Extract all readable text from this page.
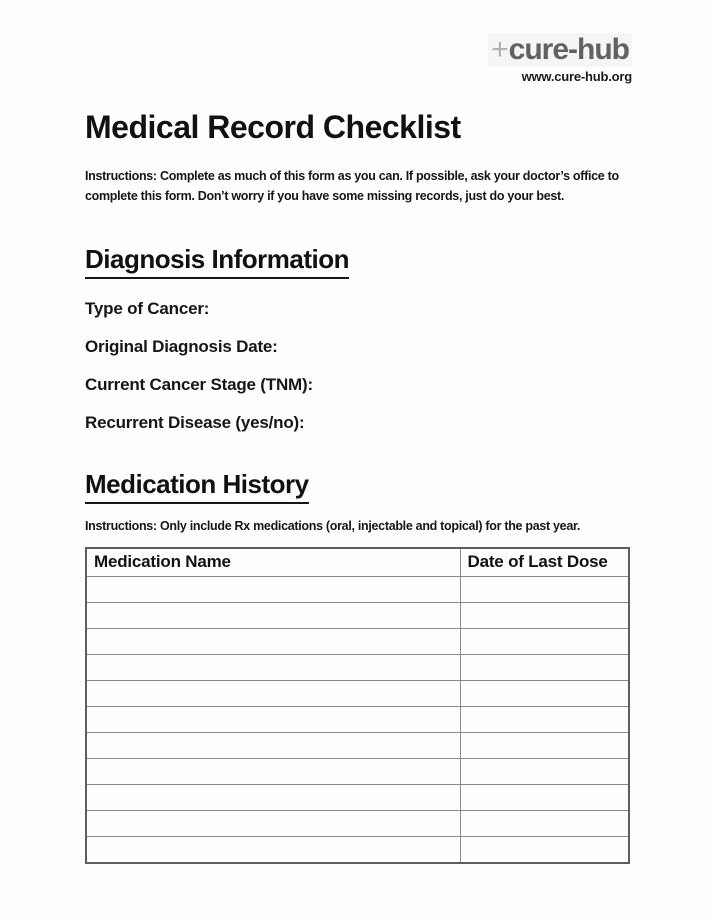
+cure-hub
www.cure-hub.org
Medical Record Checklist

Instructions: Complete as much of this form as you can. If possible, ask your doctor’s office to complete this form. Don’t worry if you have some missing records, just do your best.

Diagnosis Information
Type of Cancer:
Original Diagnosis Date:
Current Cancer Stage (TNM):
Recurrent Disease (yes/no):
Medication History

Instructions: Only include Rx medications (oral, injectable and topical) for the past year.

Medication Name	Date of Last Dose
